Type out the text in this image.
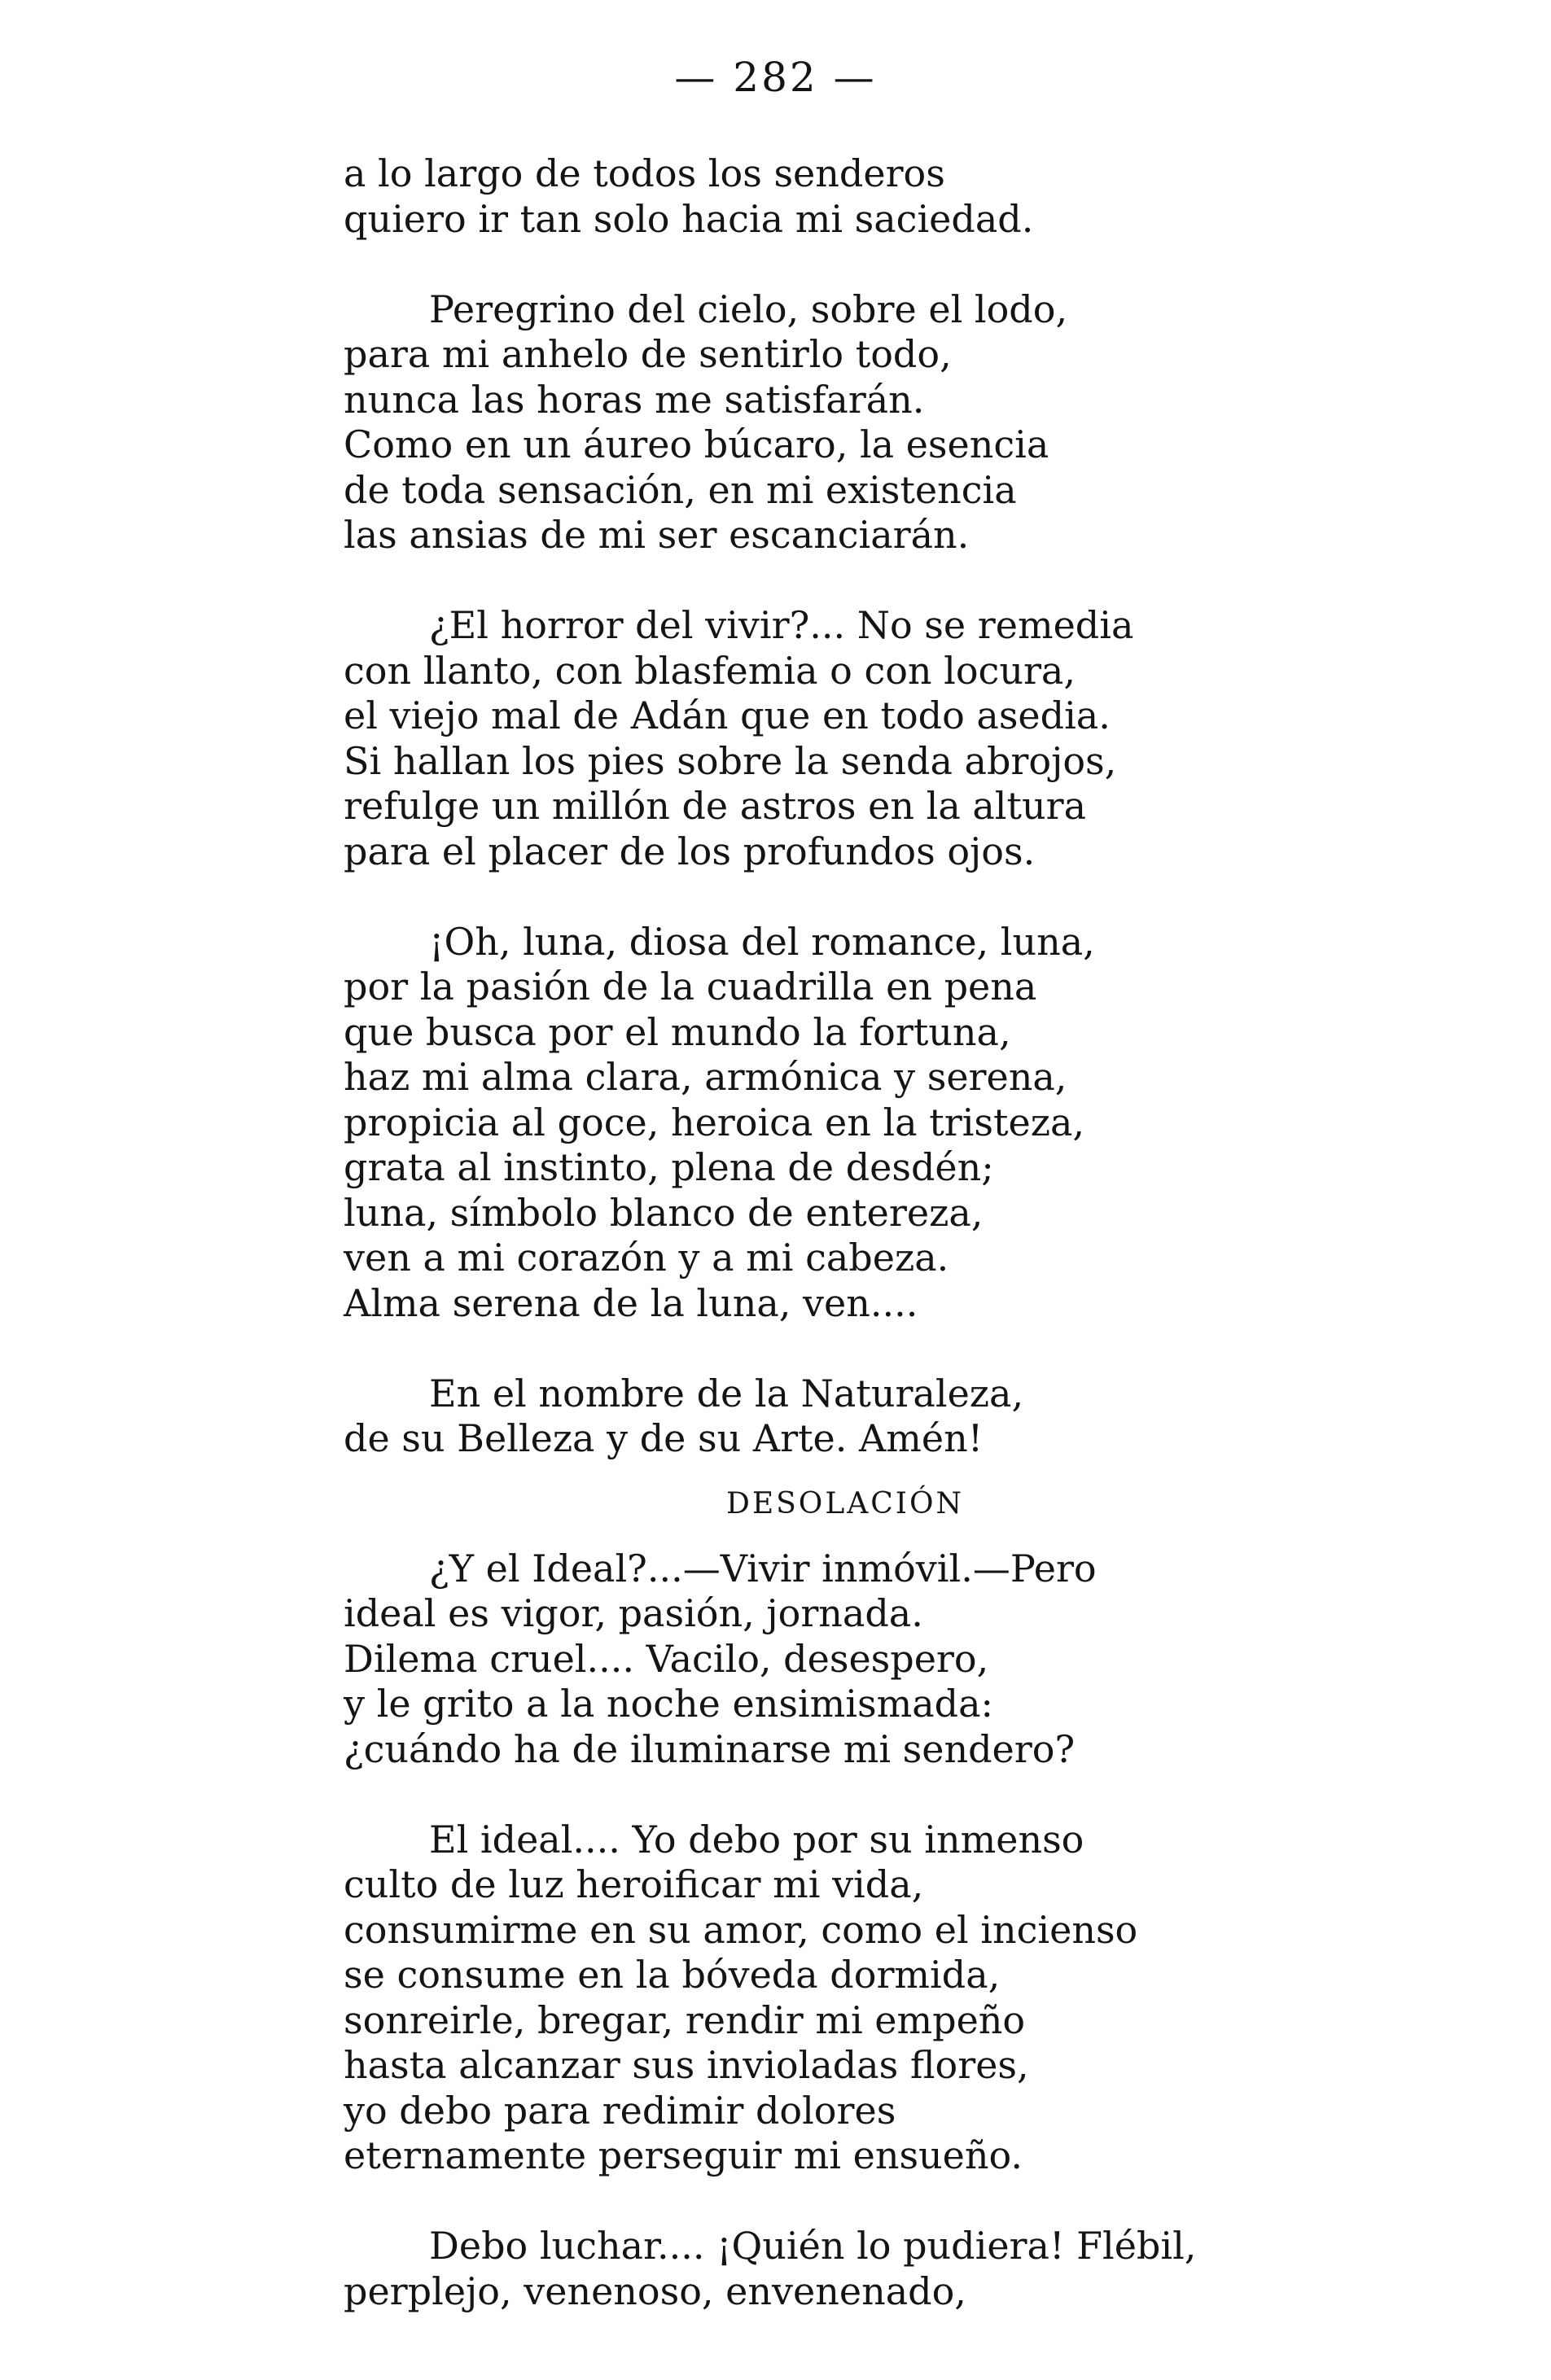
— 282 —
a lo largo de todos los senderos
quiero ir tan solo hacia mi saciedad.
Peregrino del cielo, sobre el lodo,
para mi anhelo de sentirlo todo,
nunca las horas me satisfarán.
Como en un áureo búcaro, la esencia
de toda sensación, en mi existencia
las ansias de mi ser escanciarán.
¿El horror del vivir?... No se remedia
con llanto, con blasfemia o con locura,
el viejo mal de Adán que en todo asedia.
Si hallan los pies sobre la senda abrojos,
refulge un millón de astros en la altura
para el placer de los profundos ojos.
¡Oh, luna, diosa del romance, luna,
por la pasión de la cuadrilla en pena
que busca por el mundo la fortuna,
haz mi alma clara, armónica y serena,
propicia al goce, heroica en la tristeza,
grata al instinto, plena de desdén;
luna, símbolo blanco de entereza,
ven a mi corazón y a mi cabeza.
Alma serena de la luna, ven....
En el nombre de la Naturaleza,
de su Belleza y de su Arte. Amén!
DESOLACIÓN
¿Y el Ideal?...—Vivir inmóvil.—Pero
ideal es vigor, pasión, jornada.
Dilema cruel.... Vacilo, desespero,
y le grito a la noche ensimismada:
¿cuándo ha de iluminarse mi sendero?
El ideal.... Yo debo por su inmenso
culto de luz heroificar mi vida,
consumirme en su amor, como el incienso
se consume en la bóveda dormida,
sonreirle, bregar, rendir mi empeño
hasta alcanzar sus inviolad​as flores,
yo debo para redimir dolores
eternamente perseguir mi ensueño.
Debo luchar.... ¡Quién lo pudiera! Flébil,
perplejo, venenoso, envenenado,
